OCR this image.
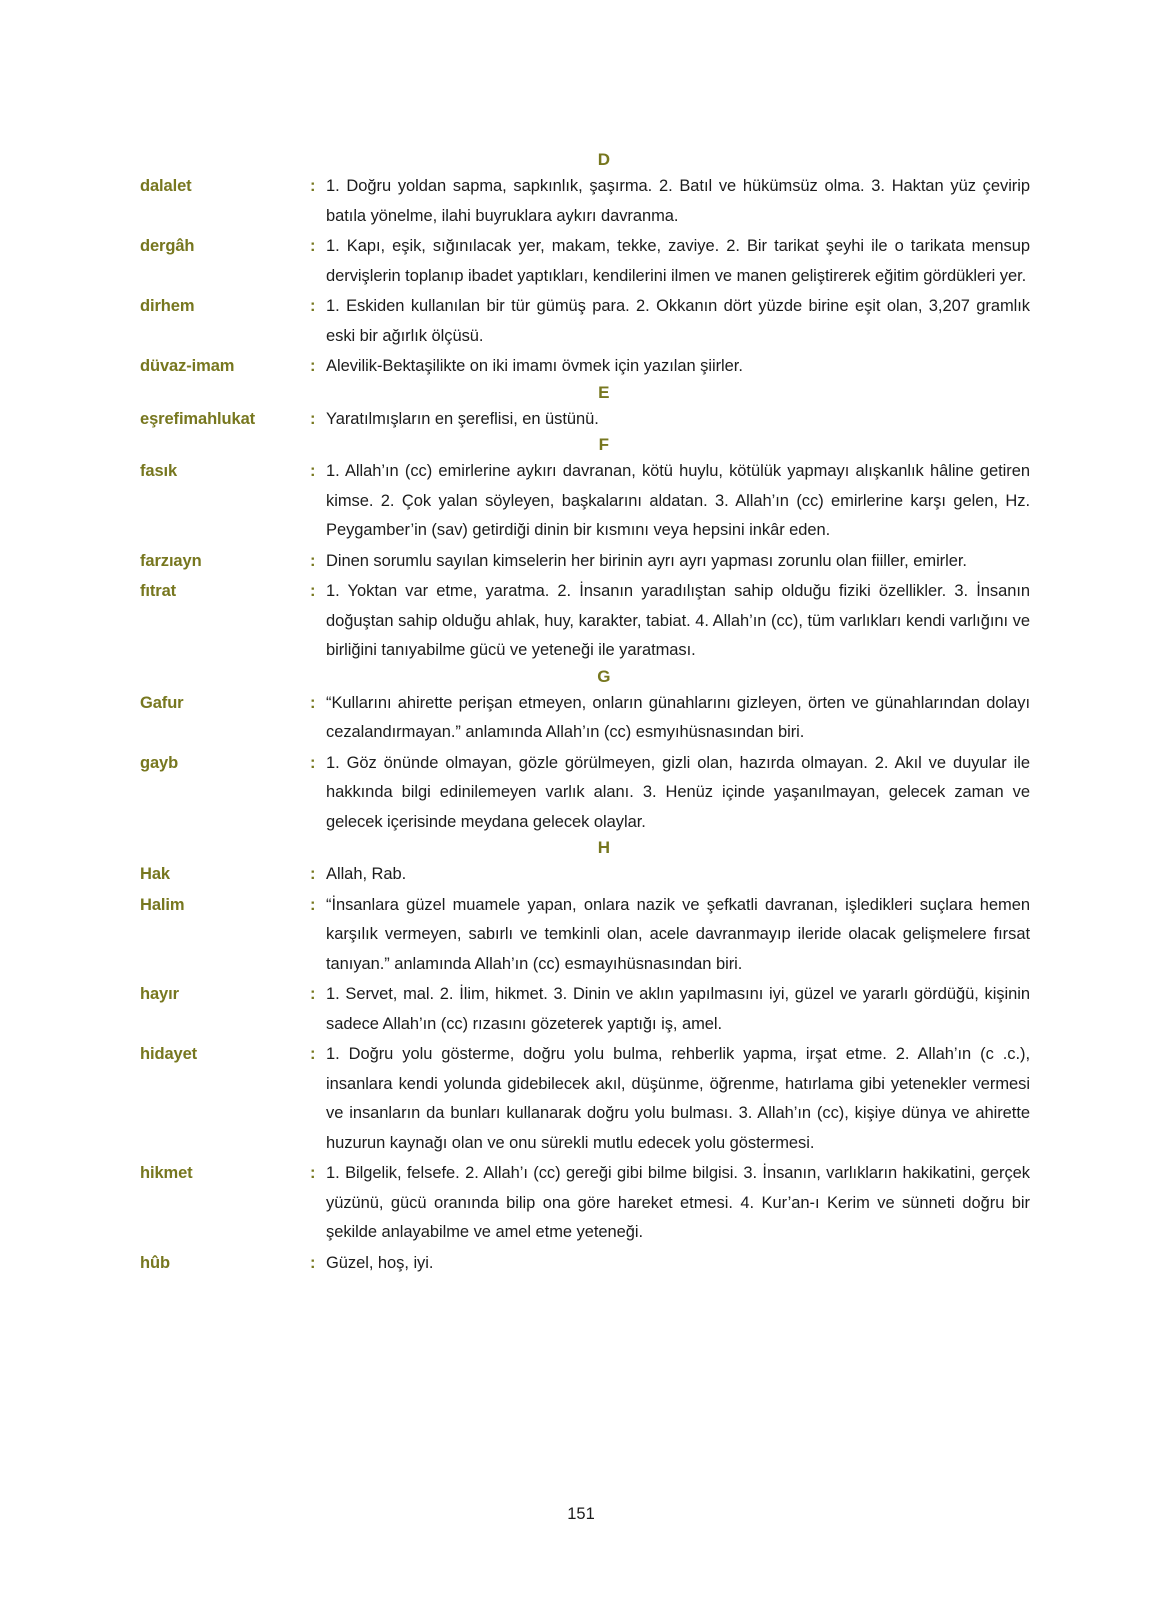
D
dalalet	: 1. Doğru yoldan sapma, sapkınlık, şaşırma. 2. Batıl ve hükümsüz olma. 3. Haktan yüz çevirip batıla yönelme, ilahi buyruklara aykırı davranma.
dergâh	: 1. Kapı, eşik, sığınılacak yer, makam, tekke, zaviye. 2. Bir tarikat şeyhi ile o tarikata mensup dervişlerin toplanıp ibadet yaptıkları, kendilerini ilmen ve manen geliştirerek eğitim gördükleri yer.
dirhem	: 1. Eskiden kullanılan bir tür gümüş para. 2. Okkanın dört yüzde birine eşit olan, 3,207 gramlık eski bir ağırlık ölçüsü.
düvaz-imam	: Alevilik-Bektaşilikte on iki imamı övmek için yazılan şiirler.
E
eşrefimahlukat	: Yaratılmışların en şereflisi, en üstünü.
F
fasık	: 1. Allah’ın (cc) emirlerine aykırı davranan, kötü huylu, kötülük yapmayı alışkanlık hâline getiren kimse. 2. Çok yalan söyleyen, başkalarını aldatan. 3. Allah’ın (cc) emirlerine karşı gelen, Hz. Peygamber’in (sav) getirdiği dinin bir kısmını veya hepsini inkâr eden.
farzıayn	: Dinen sorumlu sayılan kimselerin her birinin ayrı ayrı yapması zorunlu olan fiiller, emirler.
fıtrat	: 1. Yoktan var etme, yaratma. 2. İnsanın yaradılıştan sahip olduğu fiziki özellikler. 3. İnsanın doğuştan sahip olduğu ahlak, huy, karakter, tabiat. 4. Allah’ın (cc), tüm varlıkları kendi varlığını ve birliğini tanıyabilme gücü ve yeteneği ile yaratması.
G
Gafur	: “Kullarını ahirette perişan etmeyen, onların günahlarını gizleyen, örten ve günahlarından dolayı cezalandırmayan.” anlamında Allah’ın (cc) esmyıhüsnasından biri.
gayb	: 1. Göz önünde olmayan, gözle görülmeyen, gizli olan, hazırda olmayan. 2. Akıl ve duyular ile hakkında bilgi edinilemeyen varlık alanı. 3. Henüz içinde yaşanılmayan, gelecek zaman ve gelecek içerisinde meydana gelecek olaylar.
H
Hak	: Allah, Rab.
Halim	: “İnsanlara güzel muamele yapan, onlara nazik ve şefkatli davranan, işledikleri suçlara hemen karşılık vermeyen, sabırlı ve temkinli olan, acele davranmayıp ileride olacak gelişmelere fırsat tanıyan.” anlamında Allah’ın (cc) esmayıhüsnasından biri.
hayır	: 1. Servet, mal. 2. İlim, hikmet. 3. Dinin ve aklın yapılmasını iyi, güzel ve yararlı gördüğü, kişinin sadece Allah’ın (cc) rızasını gözeterek yaptığı iş, amel.
hidayet	: 1. Doğru yolu gösterme, doğru yolu bulma, rehberlik yapma, irşat etme. 2. Allah’ın (c .c.), insanlara kendi yolunda gidebilecek akıl, düşünme, öğrenme, hatırlama gibi yetenekler vermesi ve insanların da bunları kullanarak doğru yolu bulması. 3. Allah’ın (cc), kişiye dünya ve ahirette huzurun kaynağı olan ve onu sürekli mutlu edecek yolu göstermesi.
hikmet	: 1. Bilgelik, felsefe. 2. Allah’ı (cc) gereği gibi bilme bilgisi. 3. İnsanın, varlıkların hakikatini, gerçek yüzünü, gücü oranında bilip ona göre hareket etmesi. 4. Kur’an-ı Kerim ve sünneti doğru bir şekilde anlayabilme ve amel etme yeteneği.
hûb	: Güzel, hoş, iyi.
151
